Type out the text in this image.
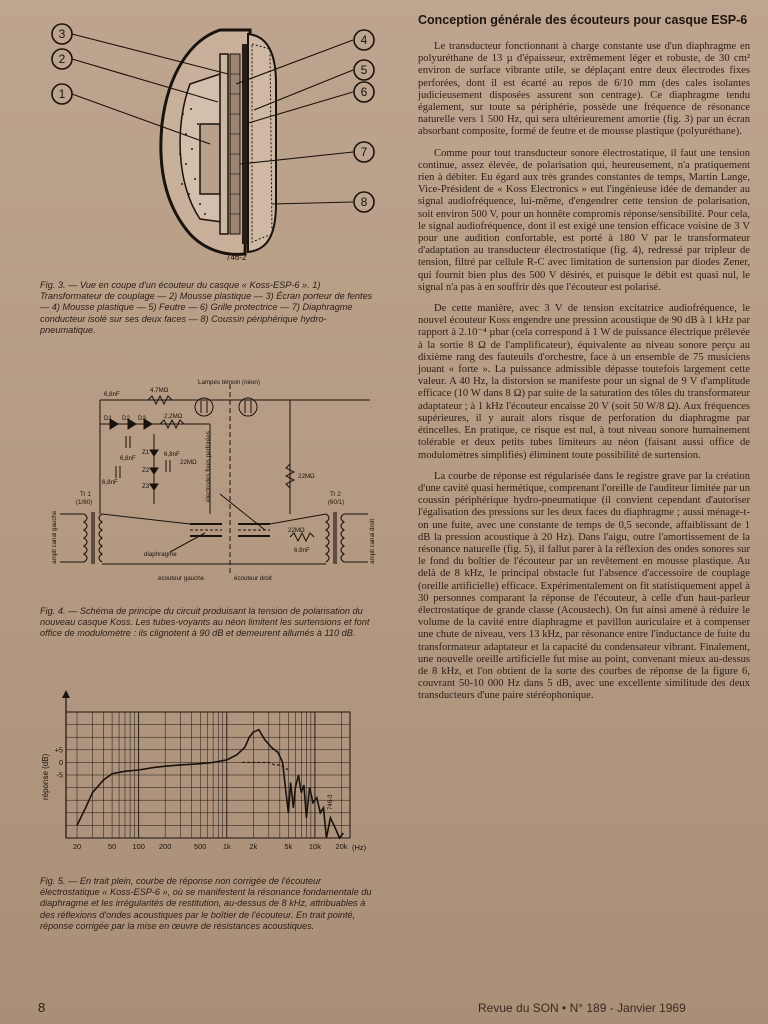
3
2
1
4
5
6
7
8
746-2
Fig. 3. — Vue en coupe d'un écouteur du casque « Koss-ESP-6 ». 1) Transformateur de couplage — 2) Mousse plastique — 3) Écran porteur de fentes — 4) Mousse plastique — 5) Feutre — 6) Grille protectrice — 7) Diaphragme conducteur isolé sur ses deux faces — 8) Coussin périphérique hydro-pneumatique.
Lampes témoin (néon)
6,8nF
4,7MΩ
D1 D2 D3	2,2MΩ
6,8nF
6,8nF
6,8nF
Z1
Z2
Z3
22MΩ
22MΩ
Tr 1
(1/60)
Tr 2
(60/1)
22MΩ
6,8nF
diaphragme
écouteur gauche	écouteur droit
électrodes fixes perforées
ampli canal gauche	ampli canal droit
Fig. 4. — Schéma de principe du circuit produisant la tension de polarisation du nouveau casque Koss. Les tubes-voyants au néon limitent les surtensions et font office de modulomètre : ils clignotent à 90 dB et demeurent allumés à 110 dB.
+5
0
-5
20	50 100 200	500 1k 2k	5k 10k 20k
réponse (dB)
(Hz)
746-3
Fig. 5. — En trait plein, courbe de réponse non corrigée de l'écouteur électrostatique « Koss-ESP-6 », où se manifestent la résonance fondamentale du diaphragme et les irrégularités de restitution, au-dessus de 8 kHz, attribuables à des réflexions d'ondes acoustiques par le boîtier de l'écouteur. En trait pointé, réponse corrigée par la mise en œuvre de résistances acoustiques.
Conception générale des écouteurs pour casque ESP-6

Le transducteur fonctionnant à charge constante use d'un diaphragme en polyuréthane de 13 µ d'épaisseur, extrêmement léger et robuste, de 30 cm² environ de surface vibrante utile, se déplaçant entre deux électrodes fixes perforées, dont il est écarté au repos de 6/10 mm (des cales isolantes judicieusement disposées assurent son centrage). Ce diaphragme tendu également, sur toute sa périphérie, possède une fréquence de résonance naturelle vers 1 500 Hz, qui sera ultérieurement amortie (fig. 3) par un écran absorbant composite, formé de feutre et de mousse plastique (polyuréthane).

Comme pour tout transducteur sonore électrostatique, il faut une tension continue, assez élevée, de polarisation qui, heureusement, n'a pratiquement rien à débiter. Eu égard aux très grandes constantes de temps, Martin Lange, Vice-Président de « Koss Electronics » eut l'ingénieuse idée de demander au signal audiofréquence, lui-même, d'engendrer cette tension de polarisation, soit environ 500 V, pour un honnête compromis réponse/sensibilité. Pour cela, le signal audiofréquence, dont il est exigé une tension efficace voisine de 3 V pour une audition confortable, est porté à 180 V par le transformateur d'adaptation au transducteur électrostatique (fig. 4), redressé par tripleur de tension, filtré par cellule R-C avec limitation de surtension par diodes Zener, qui fournit bien plus des 500 V désirés, et puisque le débit est quasi nul, le signal n'a pas à en souffrir dès que l'écouteur est polarisé.

De cette manière, avec 3 V de tension excitatrice audiofréquence, le nouvel écouteur Koss engendre une pression acoustique de 90 dB à 1 kHz par rapport à 2.10⁻⁴ µbar (cela correspond à 1 W de puissance électrique prélevée à la sortie 8 Ω de l'amplificateur), équivalente au niveau sonore perçu au dixième rang des fauteuils d'orchestre, face à un ensemble de 75 musiciens jouant « forte ». La puissance admissible dépasse toutefois largement cette valeur. A 40 Hz, la distorsion se manifeste pour un signal de 9 V d'amplitude efficace (10 W dans 8 Ω) par suite de la saturation des tôles du transformateur adaptateur ; à 1 kHz l'écouteur encaisse 20 V (soit 50 W/8 Ω). Aux fréquences supérieures, il y aurait alors risque de perforation du diaphragme par étincelles. En pratique, ce risque est nul, à tout niveau sonore humainement tolérable et deux petits tubes limiteurs au néon (faisant aussi office de modulomètres simplifiés) éliminent toute possibilité de surtension.

La courbe de réponse est régularisée dans le registre grave par la création d'une cavité quasi hermétique, comprenant l'oreille de l'auditeur limitée par un coussin périphérique hydro-pneumatique (il convient cependant d'autoriser l'égalisation des pressions sur les deux faces du diaphragme ; aussi ménage-t-on une fuite, avec une constante de temps de 0,5 seconde, affaiblissant de 1 dB la pression acoustique à 20 Hz). Dans l'aigu, outre l'amortissement de la résonance naturelle (fig. 5), il fallut parer à la réflexion des ondes sonores sur le fond du boîtier de l'écouteur par un revêtement en mousse plastique. Au delà de 8 kHz, le principal obstacle fut l'absence d'accessoire de couplage (oreille artificielle) efficace. Expérimentalement on fit statistiquement appel à 30 personnes comparant la réponse de l'écouteur, à celle d'un haut-parleur électrostatique de grande classe (Acoustech). On fut ainsi amené à réduire le volume de la cavité entre diaphragme et pavillon auriculaire et à compenser une chute de niveau, vers 13 kHz, par résonance entre l'inductance de fuite du transformateur adaptateur et la capacité du condensateur vibrant. Finalement, une nouvelle oreille artificielle fut mise au point, convenant mieux au-dessus de 8 kHz, et l'on obtient de la sorte des courbes de réponse de la figure 6, couvrant 50-10 000 Hz dans 5 dB, avec une excellente similitude des deux transducteurs d'une paire stéréophonique.

8	Revue du SON • N° 189 - Janvier 1969
